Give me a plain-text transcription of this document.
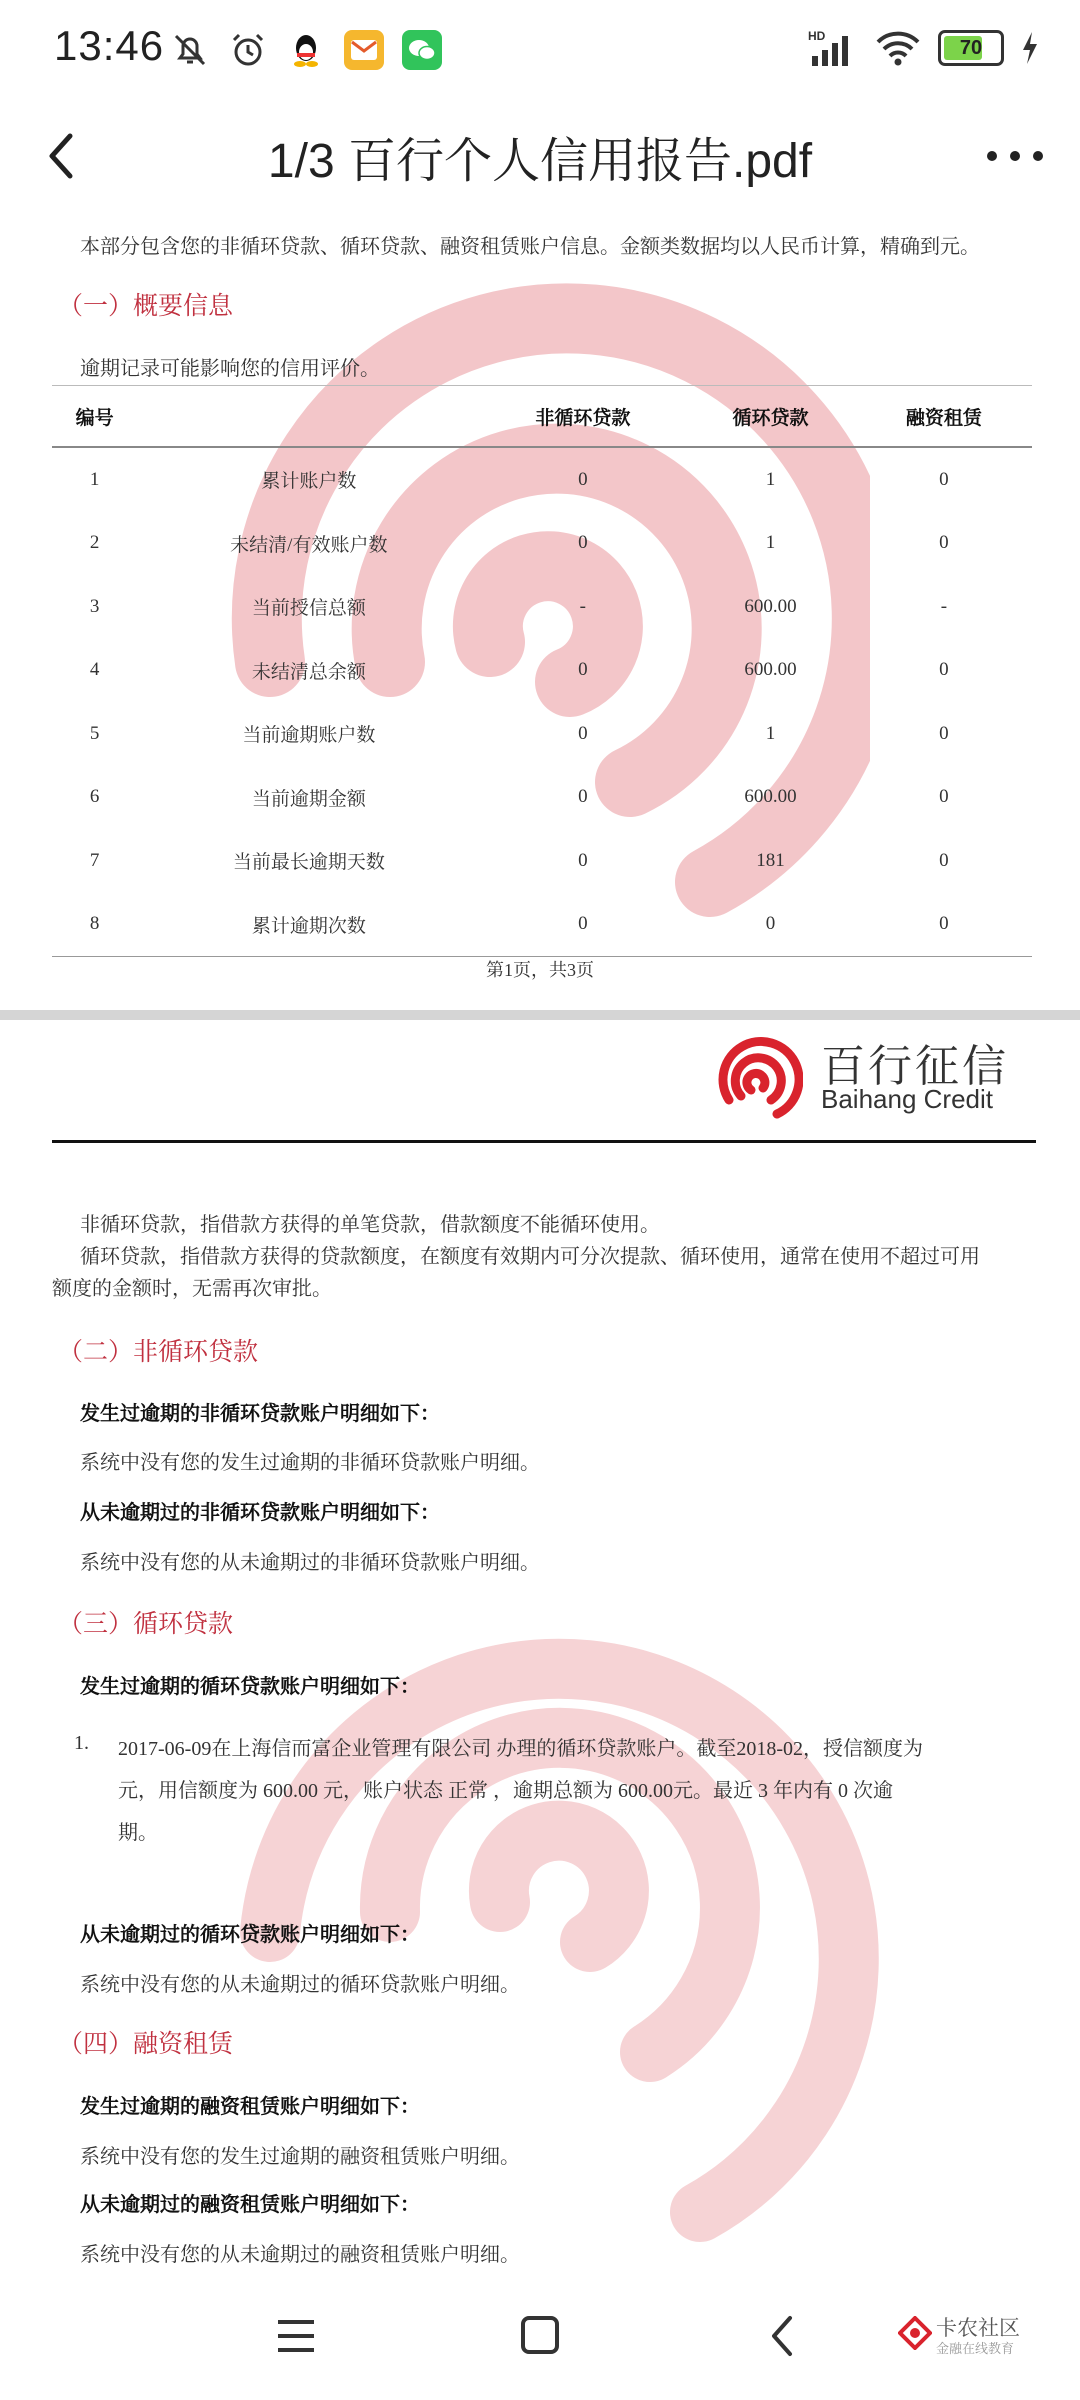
13:46	HD
70
1/3 百行个人信用报告.pdf
本部分包含您的非循环贷款、循环贷款、融资租赁账户信息。金额类数据均以人民币计算，精确到元。
（一）概要信息
逾期记录可能影响您的信用评价。
编号		非循环贷款	循环贷款	融资租赁
1	累计账户数	0	1	0
2	未结清/有效账户数	0	1	0
3	当前授信总额	-	600.00	-
4	未结清总余额	0	600.00	0
5	当前逾期账户数	0	1	0
6	当前逾期金额	0	600.00	0
7	当前最长逾期天数	0	181	0
8	累计逾期次数	0	0	0
第1页，共3页
百行征信
Baihang Credit
非循环贷款，指借款方获得的单笔贷款，借款额度不能循环使用。
循环贷款，指借款方获得的贷款额度，在额度有效期内可分次提款、循环使用，通常在使用不超过可用
额度的金额时，无需再次审批。
（二）非循环贷款
发生过逾期的非循环贷款账户明细如下：
系统中没有您的发生过逾期的非循环贷款账户明细。
从未逾期过的非循环贷款账户明细如下：
系统中没有您的从未逾期过的非循环贷款账户明细。
（三）循环贷款
发生过逾期的循环贷款账户明细如下：
1. 2017-06-09在上海信而富企业管理有限公司 办理的循环贷款账户。截至2018-02，授信额度为
元，用信额度为 600.00 元，账户状态 正常 ，逾期总额为 600.00元。最近 3 年内有 0 次逾
期。
从未逾期过的循环贷款账户明细如下：
系统中没有您的从未逾期过的循环贷款账户明细。
（四）融资租赁
发生过逾期的融资租赁账户明细如下：
系统中没有您的发生过逾期的融资租赁账户明细。
从未逾期过的融资租赁账户明细如下：
系统中没有您的从未逾期过的融资租赁账户明细。
卡农社区
金融在线教育
